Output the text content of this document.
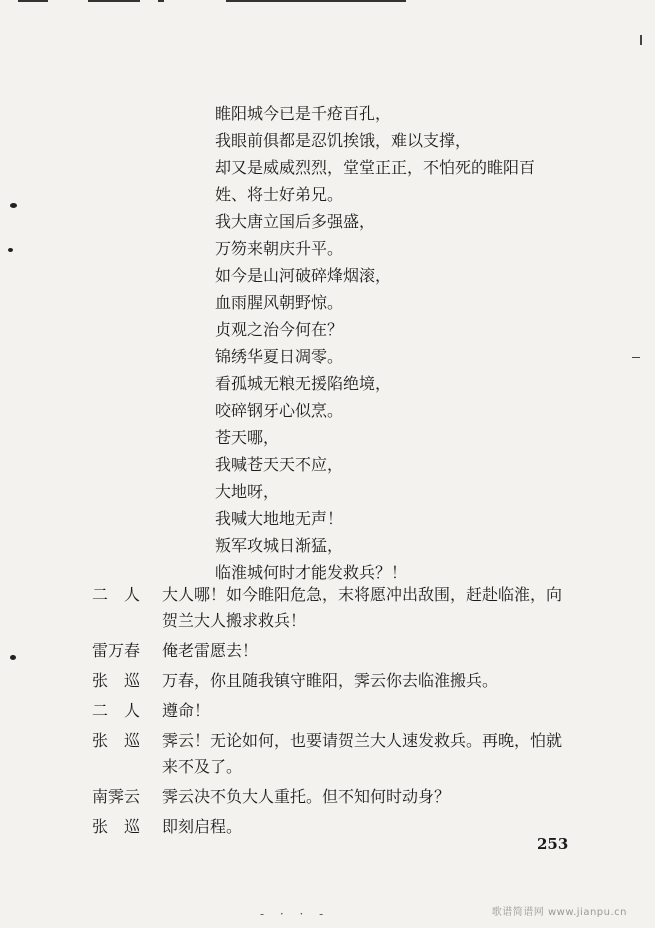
睢阳城今已是千疮百孔，
我眼前俱都是忍饥挨饿，难以支撑，
却又是威威烈烈，堂堂正正，不怕死的睢阳百
姓、将士好弟兄。
我大唐立国后多强盛，
万笏来朝庆升平。
如今是山河破碎烽烟滚，
血雨腥风朝野惊。
贞观之治今何在？
锦绣华夏日凋零。
看孤城无粮无援陷绝境，
咬碎钢牙心似烹。
苍天哪，
我喊苍天天不应，
大地呀，
我喊大地地无声！
叛军攻城日渐猛，
临淮城何时才能发救兵？！
二　人	大人哪！如今睢阳危急，末将愿冲出敌围，赶赴临淮，向贺兰大人搬求救兵！
雷万春	俺老雷愿去！
张　巡	万春，你且随我镇守睢阳，霁云你去临淮搬兵。
二　人	遵命！
张　巡	霁云！无论如何，也要请贺兰大人速发救兵。再晚，怕就来不及了。
南霁云	霁云决不负大人重托。但不知何时动身？
张　巡	即刻启程。
253
- · · -	歌谱简谱网 www.jianpu.cn
